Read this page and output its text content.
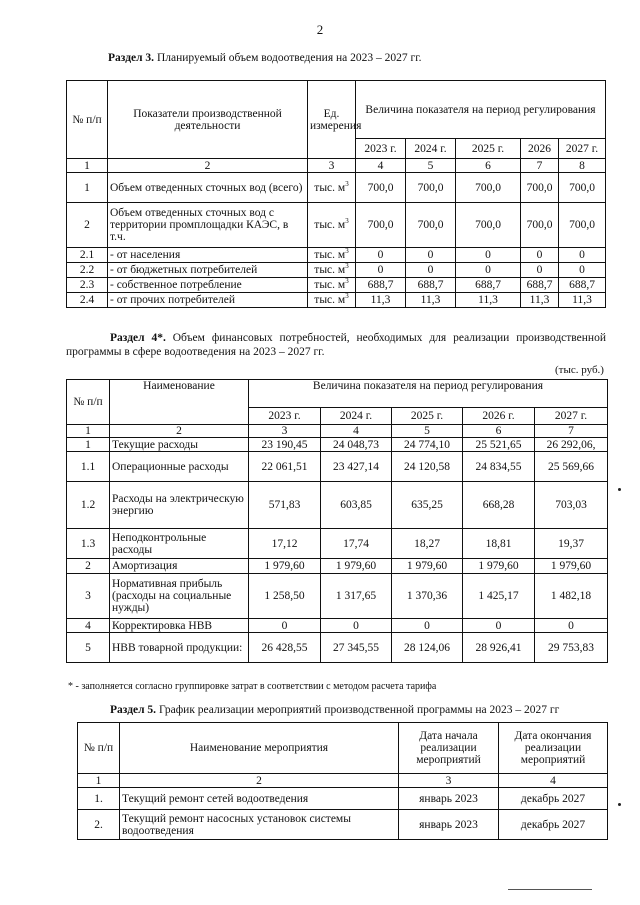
2
Раздел 3. Планируемый объем водоотведения на 2023 – 2027 гг.
№ п/п	Показатели производственной деятельности	Ед. измерения	Величина показателя на период регулирования				
			2023 г.	2024 г.	2025 г.	2026	2027 г.
1	2	3	4	5	6	7	8
1	Объем отведенных сточных вод (всего)	тыс. $м^3$	700,0	700,0	700,0	700,0	700,0
2	Объем отведенных сточных вод с территории промплощадки КАЭС, в т.ч.	тыс. $м^3$	700,0	700,0	700,0	700,0	700,0
2.1	- от населения	тыс. $м^3$	0	0	0	0	0
2.2	- от бюджетных потребителей	тыс. $м^3$	0	0	0	0	0
2.3	- собственное потребление	тыс. $м^3$	688,7	688,7	688,7	688,7	688,7
2.4	- от прочих потребителей	тыс. $м^3$	11,3	11,3	11,3	11,3	11,3
Раздел 4*. Объем финансовых потребностей, необходимых для реализации производственной программы в сфере водоотведения на 2023 – 2027 гг.
(тыс. руб.)
№ п/п	Наименование	Величина показателя на период регулирования				
		2023 г.	2024 г.	2025 г.	2026 г.	2027 г.
1	2	3	4	5	6	7
1	Текущие расходы	23 190,45	24 048,73	24 774,10	25 521,65	26 292,06,
1.1	Операционные расходы	22 061,51	23 427,14	24 120,58	24 834,55	25 569,66
1.2	Расходы на электрическую энергию	571,83	603,85	635,25	668,28	703,03
1.3	Неподконтрольные расходы	17,12	17,74	18,27	18,81	19,37
2	Амортизация	1 979,60	1 979,60	1 979,60	1 979,60	1 979,60
3	Нормативная прибыль (расходы на социальные нужды)	1 258,50	1 317,65	1 370,36	1 425,17	1 482,18
4	Корректировка НВВ	0	0	0	0	0
5	НВВ товарной продукции:	26 428,55	27 345,55	28 124,06	28 926,41	29 753,83
* - заполняется согласно группировке затрат в соответствии с методом расчета тарифа
Раздел 5. График реализации мероприятий производственной программы на 2023 – 2027 гг
№ п/п	Наименование мероприятия	Дата начала реализации мероприятий	Дата окончания реализации мероприятий
1	2	3	4
1.	Текущий ремонт сетей водоотведения	январь 2023	декабрь 2027
2.	Текущий ремонт насосных установок системы водоотведения	январь 2023	декабрь 2027
